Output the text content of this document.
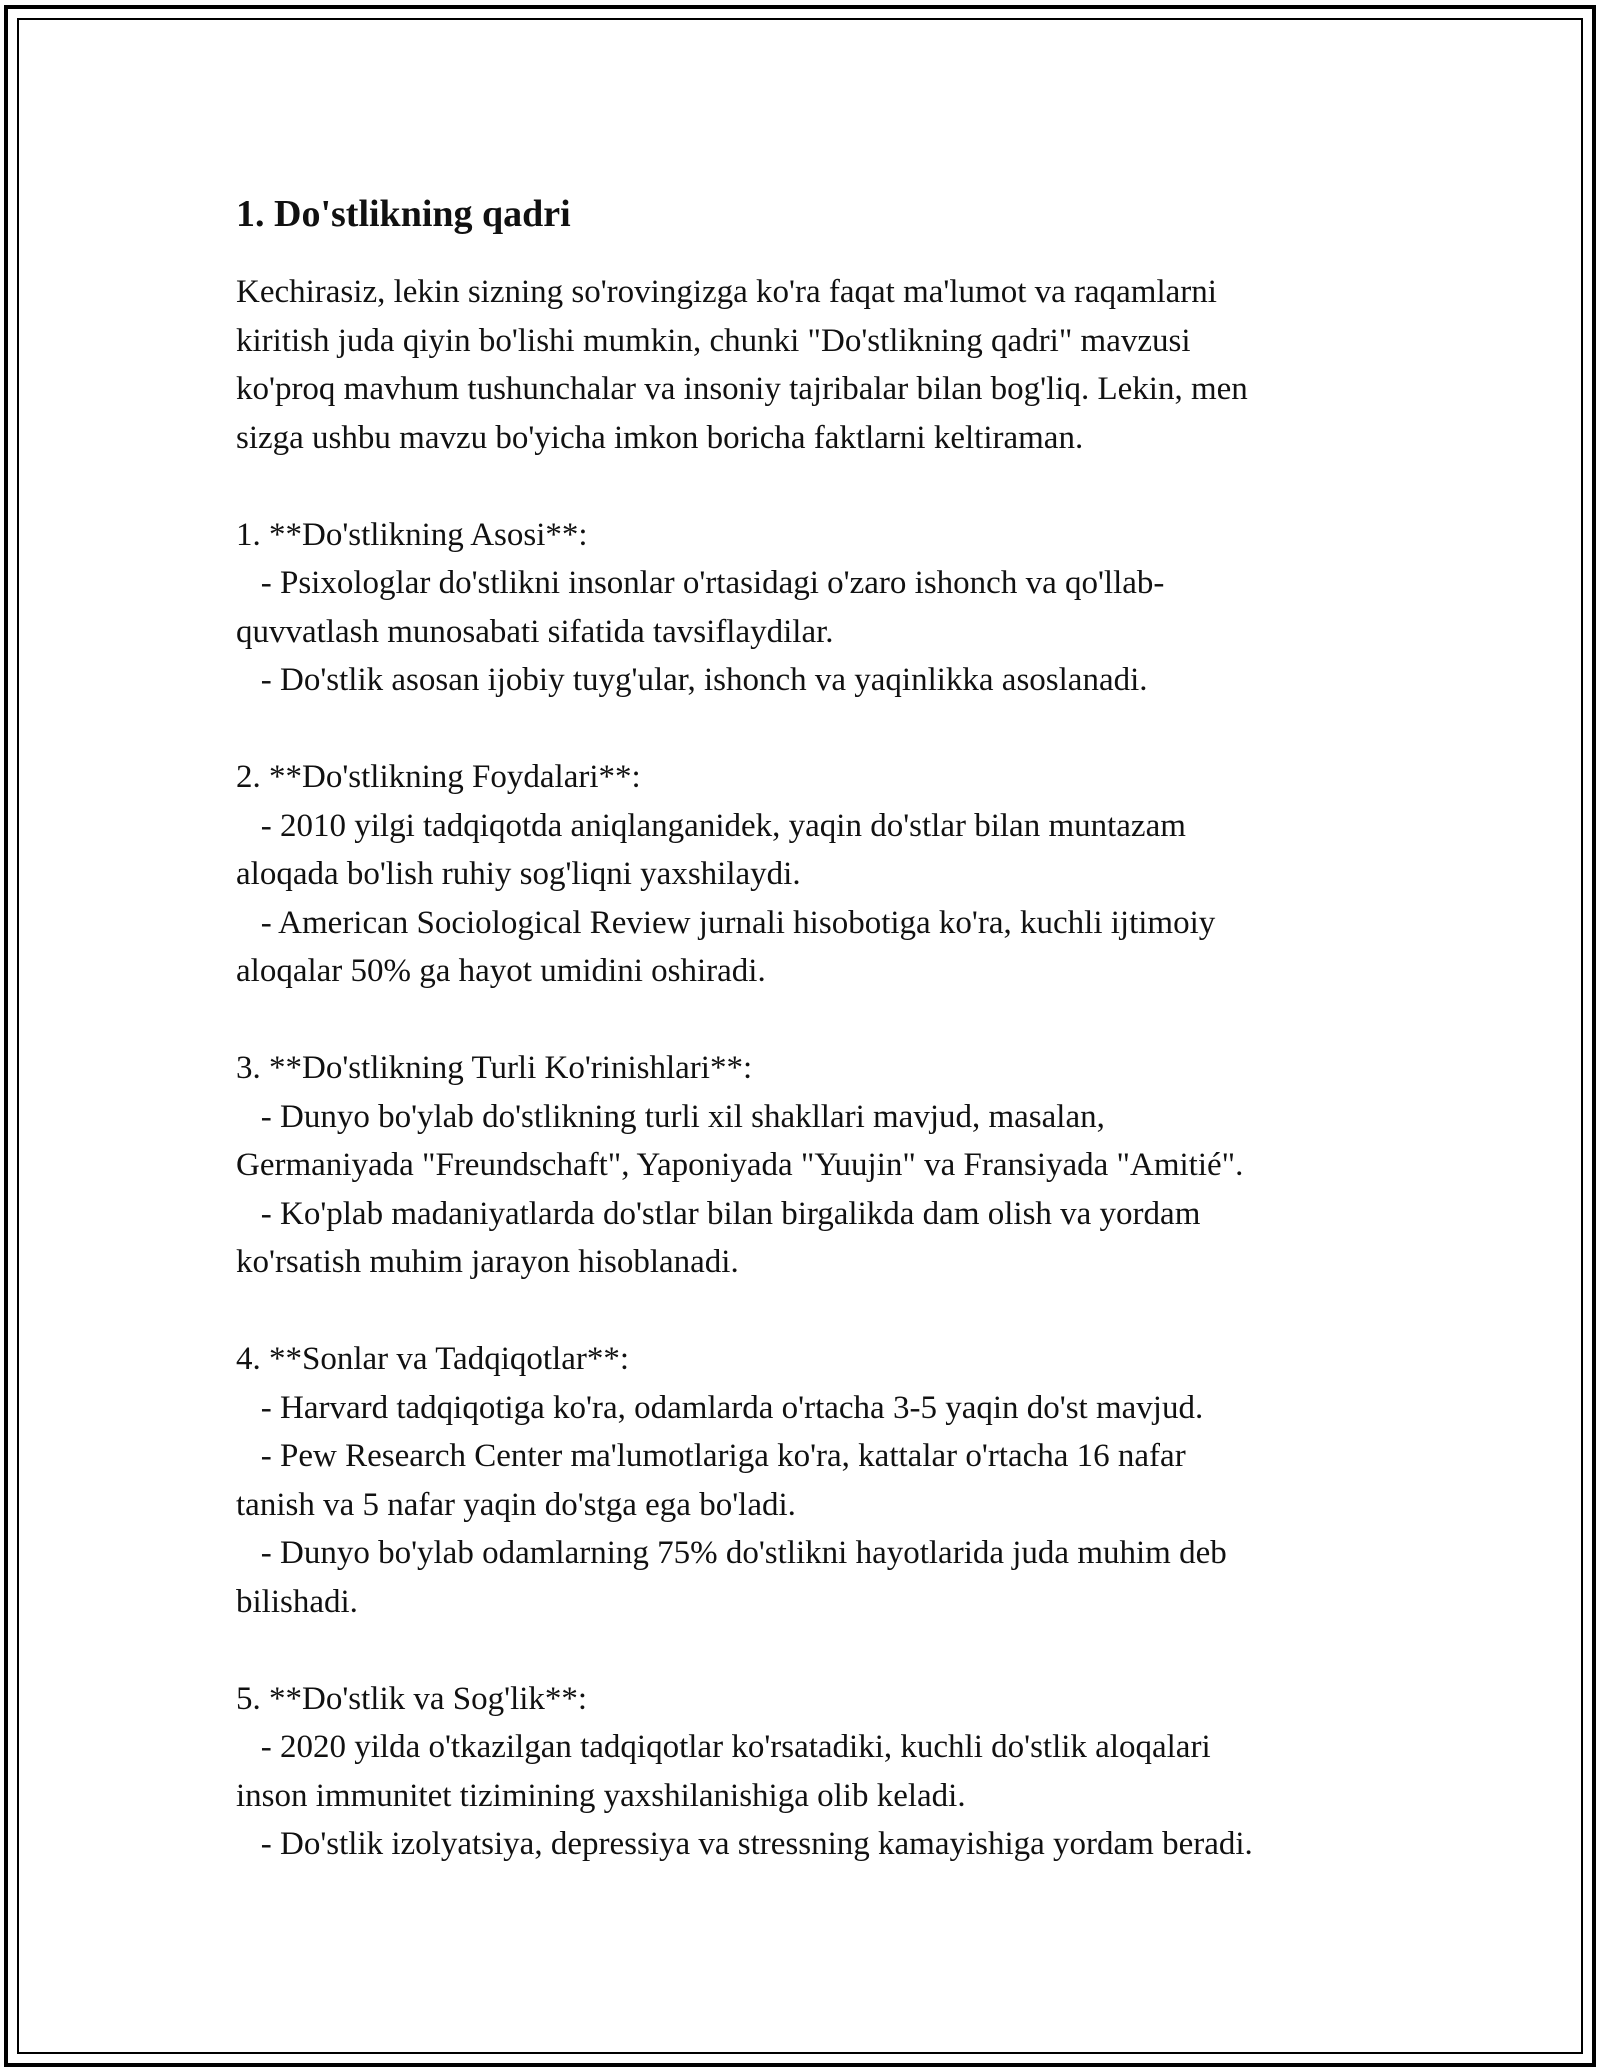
1. Do'stlikning qadri

Kechirasiz, lekin sizning so'rovingizga ko'ra faqat ma'lumot va raqamlarni
kiritish juda qiyin bo'lishi mumkin, chunki "Do'stlikning qadri" mavzusi
ko'proq mavhum tushunchalar va insoniy tajribalar bilan bog'liq. Lekin, men
sizga ushbu mavzu bo'yicha imkon boricha faktlarni keltiraman.

1. **Do'stlikning Asosi**:
- Psixologlar do'stlikni insonlar o'rtasidagi o'zaro ishonch va qo'llab-
quvvatlash munosabati sifatida tavsiflaydilar.
- Do'stlik asosan ijobiy tuyg'ular, ishonch va yaqinlikka asoslanadi.

2. **Do'stlikning Foydalari**:
- 2010 yilgi tadqiqotda aniqlanganidek, yaqin do'stlar bilan muntazam
aloqada bo'lish ruhiy sog'liqni yaxshilaydi.
- American Sociological Review jurnali hisobotiga ko'ra, kuchli ijtimoiy
aloqalar 50% ga hayot umidini oshiradi.

3. **Do'stlikning Turli Ko'rinishlari**:
- Dunyo bo'ylab do'stlikning turli xil shakllari mavjud, masalan,
Germaniyada "Freundschaft", Yaponiyada "Yuujin" va Fransiyada "Amitié".
- Ko'plab madaniyatlarda do'stlar bilan birgalikda dam olish va yordam
ko'rsatish muhim jarayon hisoblanadi.

4. **Sonlar va Tadqiqotlar**:
- Harvard tadqiqotiga ko'ra, odamlarda o'rtacha 3-5 yaqin do'st mavjud.
- Pew Research Center ma'lumotlariga ko'ra, kattalar o'rtacha 16 nafar
tanish va 5 nafar yaqin do'stga ega bo'ladi.
- Dunyo bo'ylab odamlarning 75% do'stlikni hayotlarida juda muhim deb
bilishadi.

5. **Do'stlik va Sog'lik**:
- 2020 yilda o'tkazilgan tadqiqotlar ko'rsatadiki, kuchli do'stlik aloqalari
inson immunitet tizimining yaxshilanishiga olib keladi.
- Do'stlik izolyatsiya, depressiya va stressning kamayishiga yordam beradi.
